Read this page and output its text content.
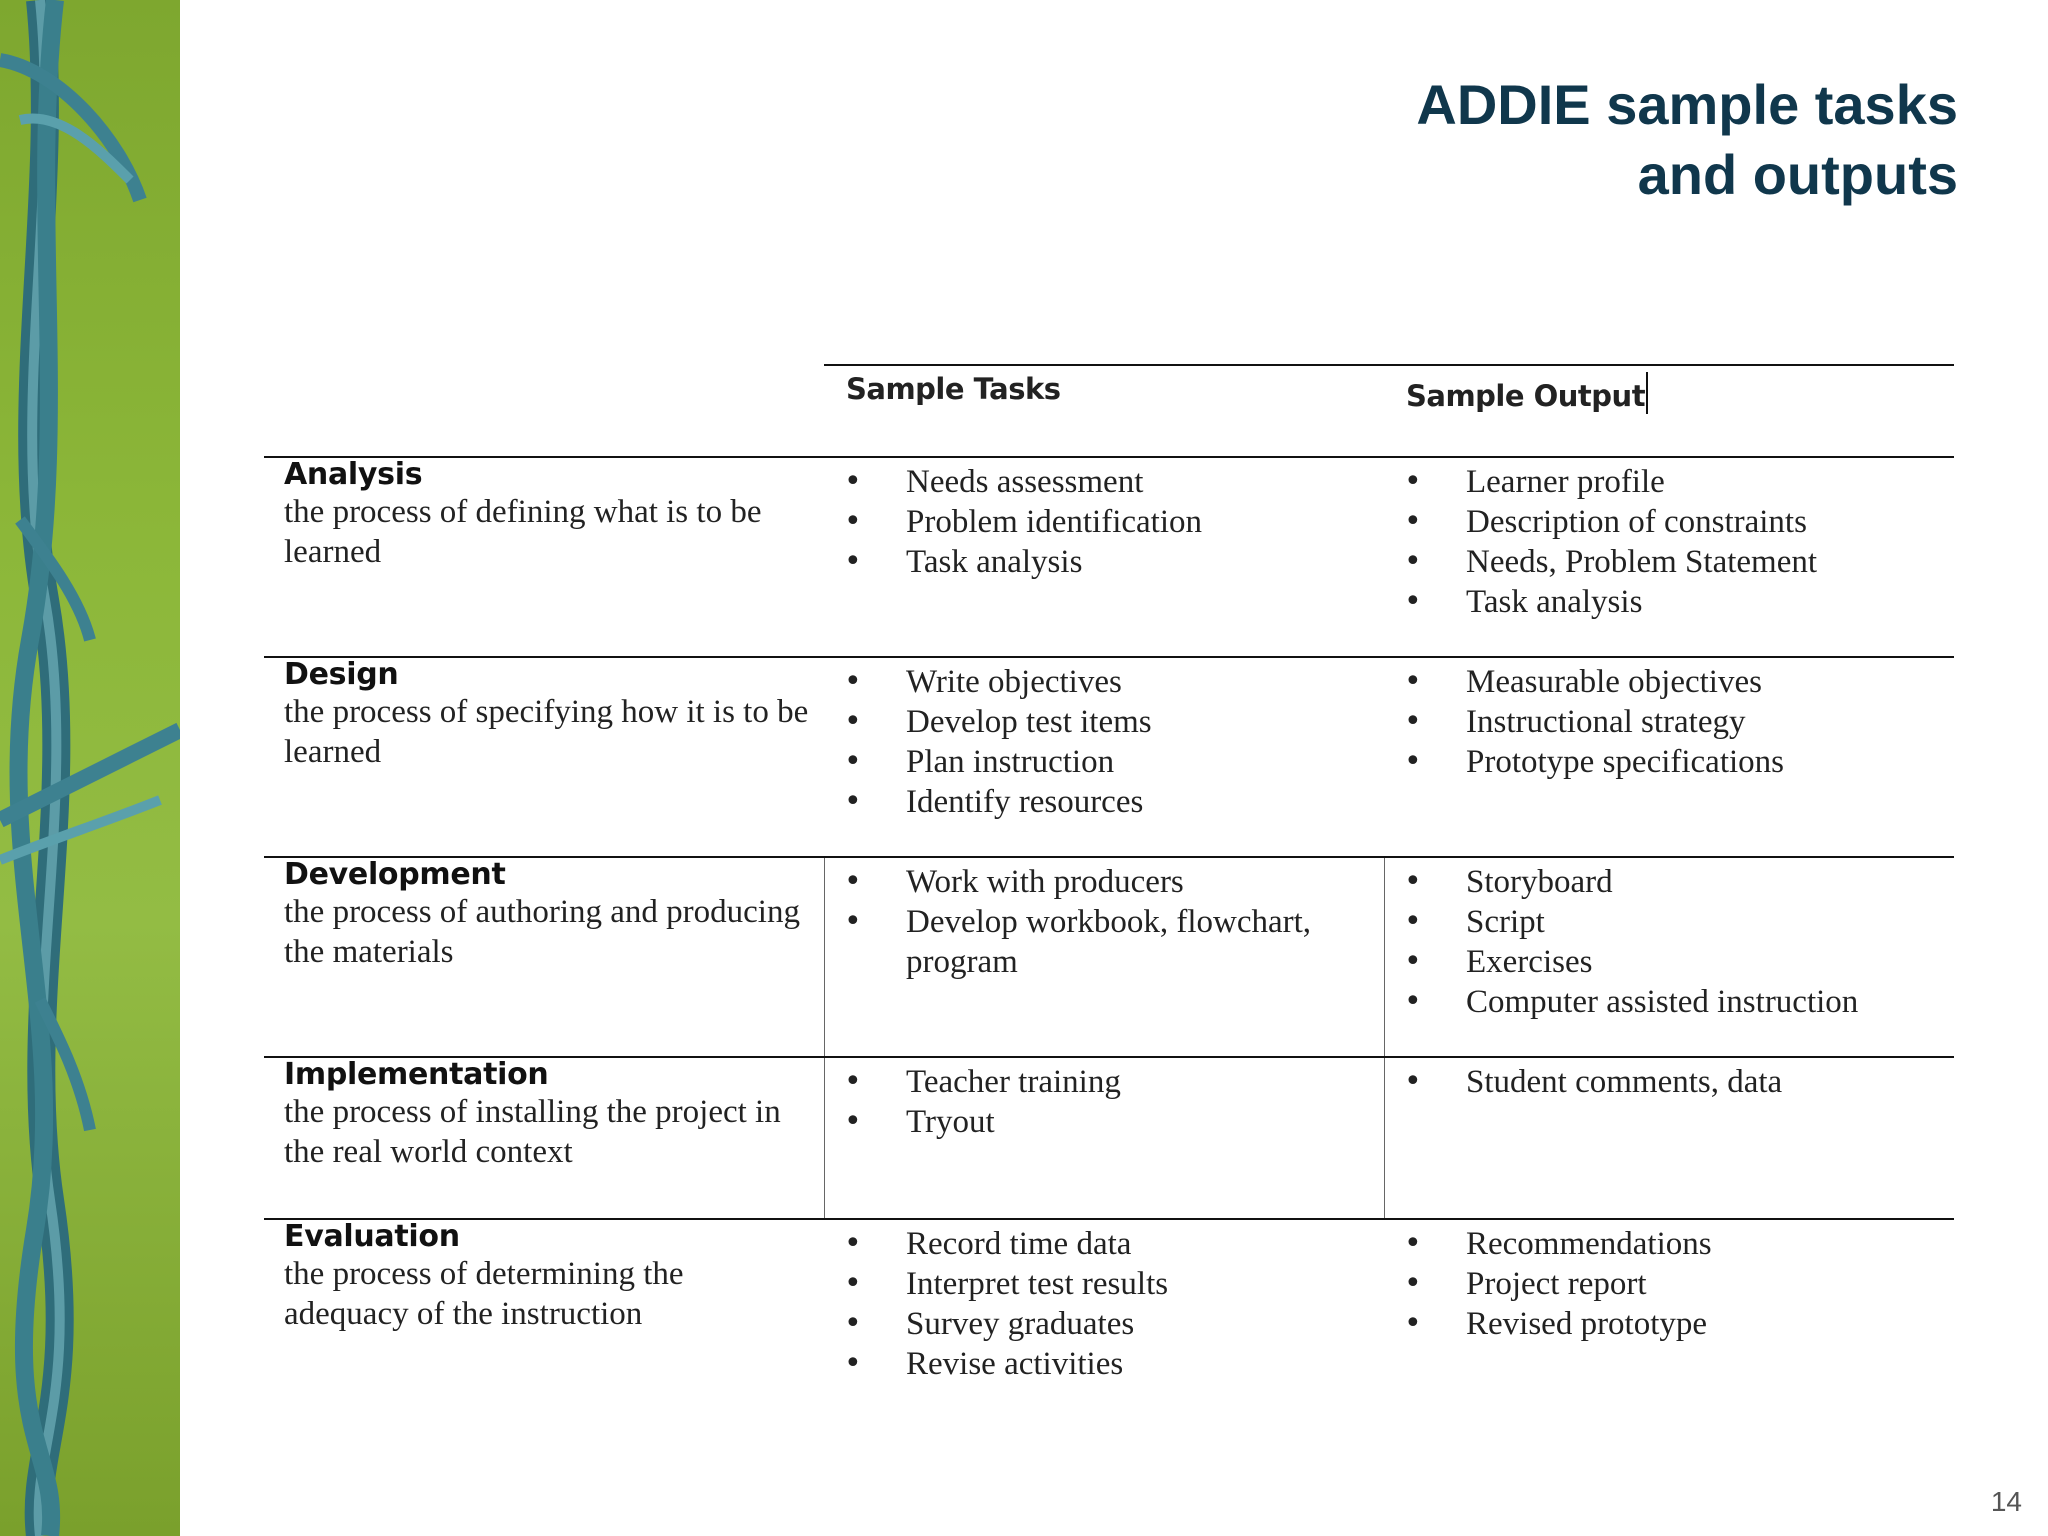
ADDIE sample tasks
and outputs
Sample Tasks	Sample Output
Analysis
the process of defining what is to be learned
• Needs assessment
• Problem identification
• Task analysis
• Learner profile
• Description of constraints
• Needs, Problem Statement
• Task analysis
Design
the process of specifying how it is to be learned
• Write objectives
• Develop test items
• Plan instruction
• Identify resources
• Measurable objectives
• Instructional strategy
• Prototype specifications
Development
the process of authoring and producing the materials
• Work with producers
• Develop workbook, flowchart, program
• Storyboard
• Script
• Exercises
• Computer assisted instruction
Implementation
the process of installing the project in the real world context
• Teacher training
• Tryout
• Student comments, data
Evaluation
the process of determining the adequacy of the instruction
• Record time data
• Interpret test results
• Survey graduates
• Revise activities
• Recommendations
• Project report
• Revised prototype
14
